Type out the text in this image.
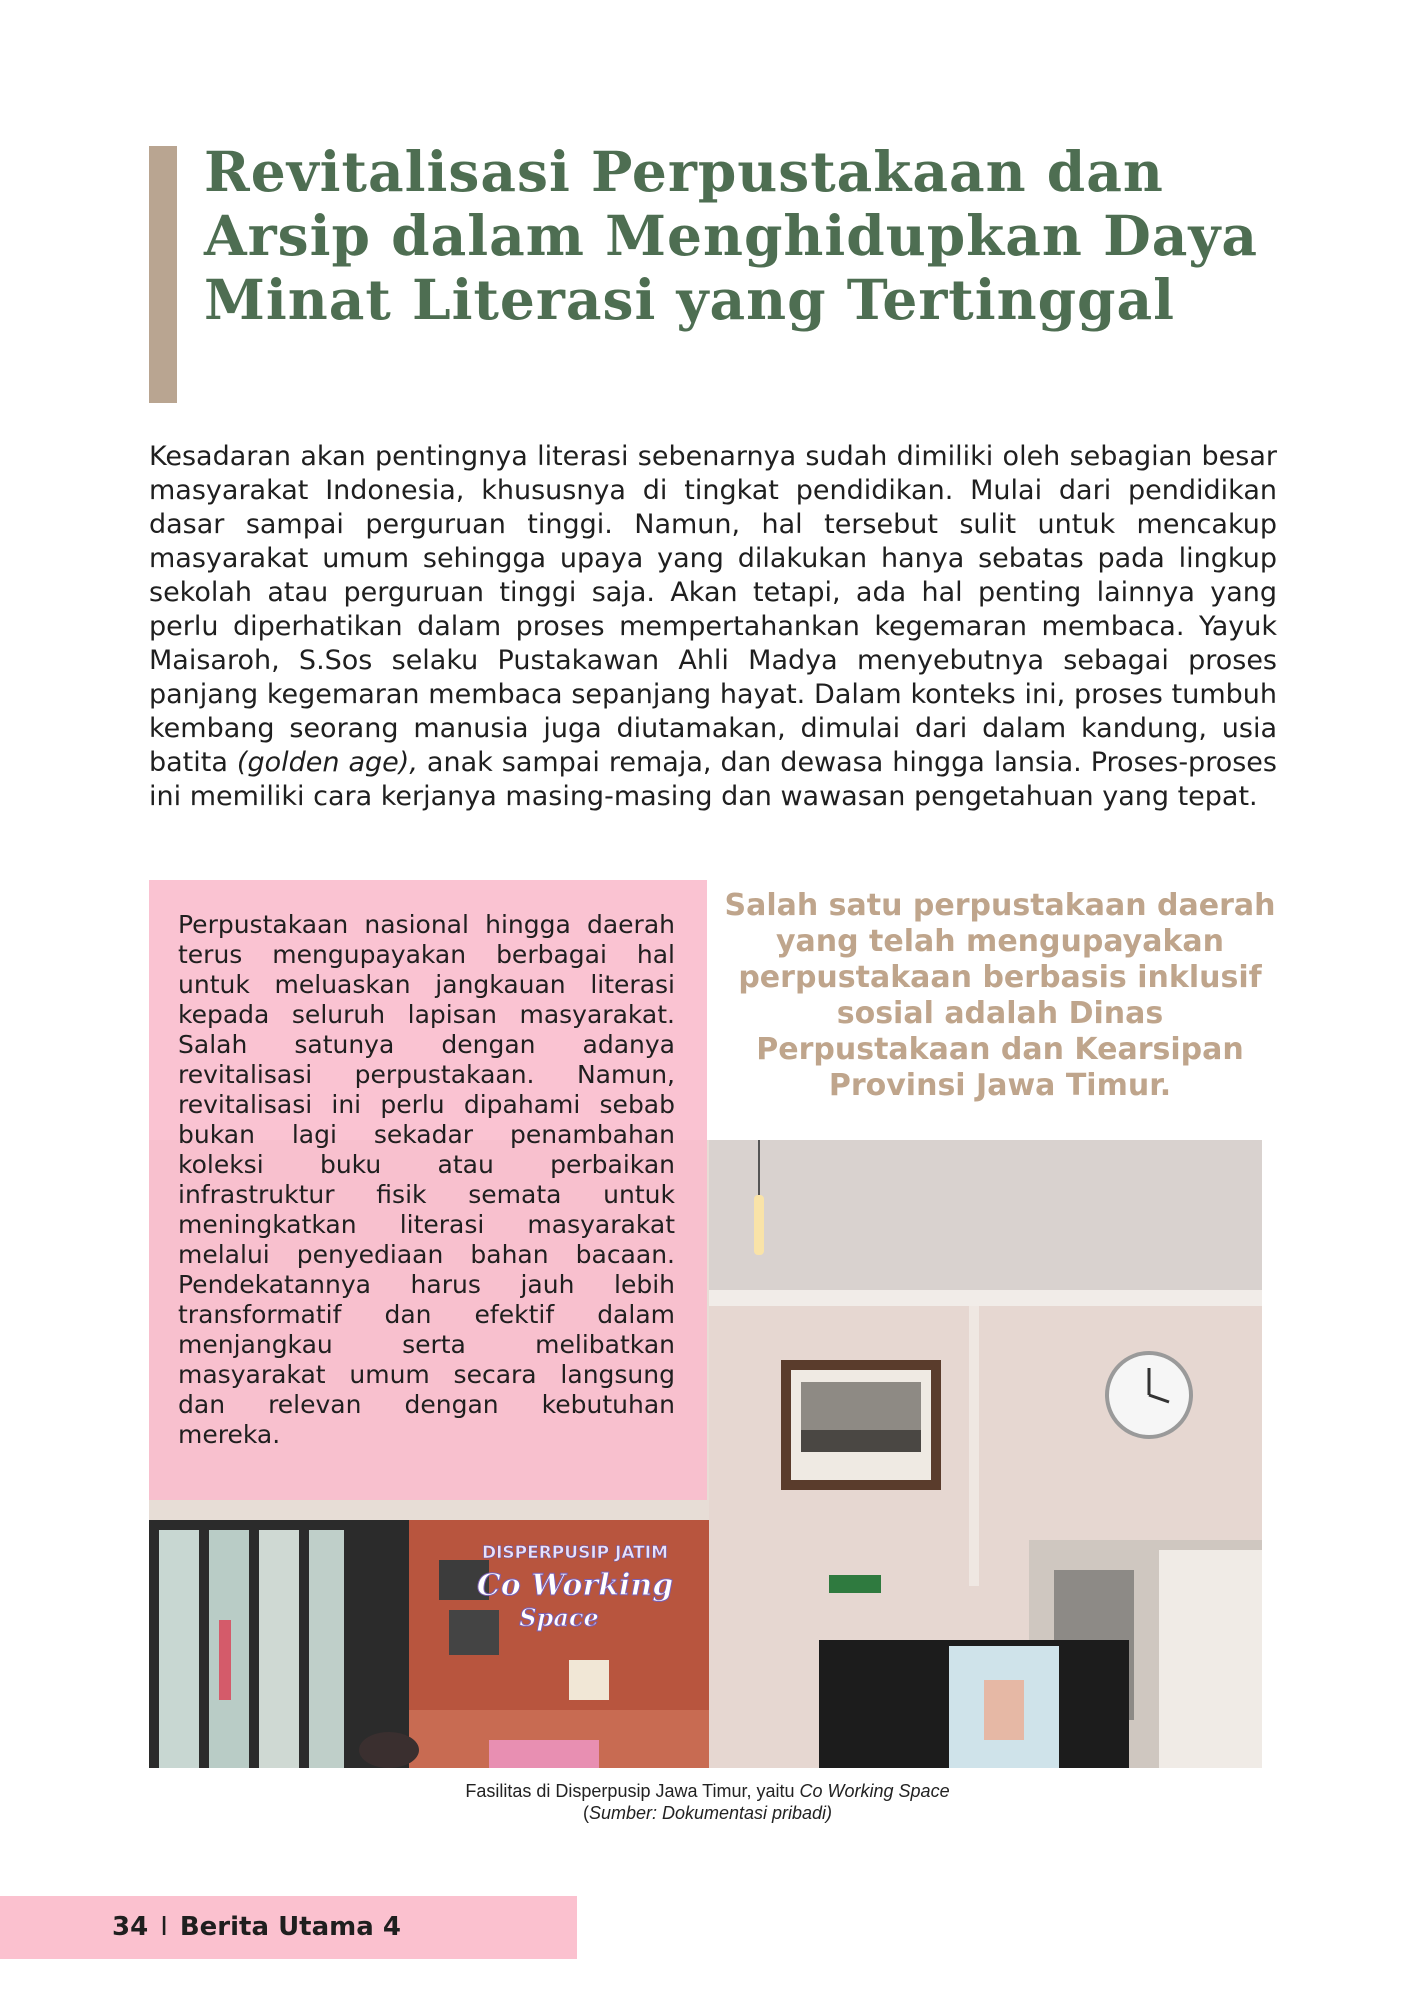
Revitalisasi Perpustakaan dan Arsip dalam Menghidupkan Daya Minat Literasi yang Tertinggal

Kesadaran akan pentingnya literasi sebenarnya sudah dimiliki oleh sebagian besar masyarakat Indonesia, khususnya di tingkat pendidikan. Mulai dari pendidikan dasar sampai perguruan tinggi. Namun, hal tersebut sulit untuk mencakup masyarakat umum sehingga upaya yang dilakukan hanya sebatas pada lingkup sekolah atau perguruan tinggi saja. Akan tetapi, ada hal penting lainnya yang perlu diperhatikan dalam proses mempertahankan kegemaran membaca. Yayuk Maisaroh, S.Sos selaku Pustakawan Ahli Madya menyebutnya sebagai proses panjang kegemaran membaca sepanjang hayat. Dalam konteks ini, proses tumbuh kembang seorang manusia juga diutamakan, dimulai dari dalam kandung, usia batita (golden age), anak sampai remaja, dan dewasa hingga lansia. Proses-proses ini memiliki cara kerjanya masing-masing dan wawasan pengetahuan yang tepat.

DISPERPUSIP JATIM
Co Working
Space

Perpustakaan nasional hingga daerah terus mengupayakan berbagai hal untuk meluaskan jangkauan literasi kepada seluruh lapisan masyarakat. Salah satunya dengan adanya revitalisasi perpustakaan. Namun, revitalisasi ini perlu dipahami sebab bukan lagi sekadar penambahan koleksi buku atau perbaikan infrastruktur fisik semata untuk meningkatkan literasi masyarakat melalui penyediaan bahan bacaan. Pendekatannya harus jauh lebih transformatif dan efektif dalam menjangkau serta melibatkan masyarakat umum secara langsung dan relevan dengan kebutuhan mereka.

Salah satu perpustakaan daerah yang telah mengupayakan perpustakaan berbasis inklusif sosial adalah Dinas Perpustakaan dan Kearsipan Provinsi Jawa Timur.

Fasilitas di Disperpusip Jawa Timur, yaitu Co Working Space
(Sumber: Dokumentasi pribadi)

34 I Berita Utama 4
